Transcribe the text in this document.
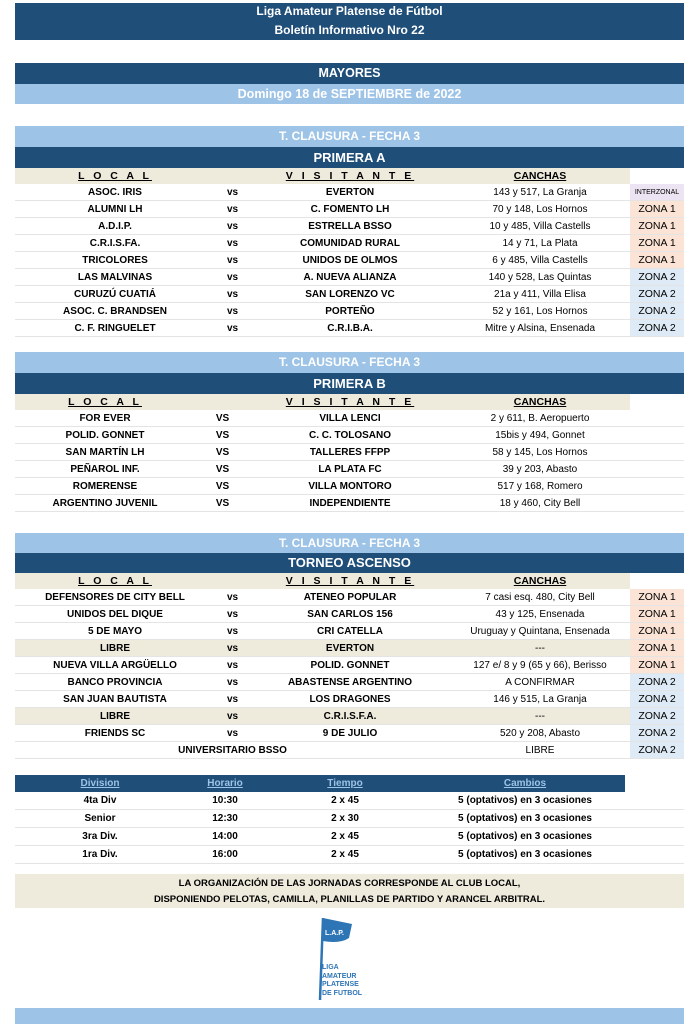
Liga Amateur Platense de Fútbol
Boletín Informativo Nro 22
MAYORES
Domingo 18 de SEPTIEMBRE de 2022
T. CLAUSURA - FECHA 3
PRIMERA A
L O C A L		V I S I T A N T E	CANCHAS	
ASOC. IRIS	vs	EVERTON	143 y 517, La Granja	INTERZONAL
ALUMNI LH	vs	C. FOMENTO LH	70 y 148, Los Hornos	ZONA 1
A.D.I.P.	vs	ESTRELLA BSSO	10 y 485, Villa Castells	ZONA 1
C.R.I.S.FA.	vs	COMUNIDAD RURAL	14 y 71, La Plata	ZONA 1
TRICOLORES	vs	UNIDOS DE OLMOS	6 y 485, Villa Castells	ZONA 1
LAS MALVINAS	vs	A. NUEVA ALIANZA	140 y 528, Las Quintas	ZONA 2
CURUZÚ CUATIÁ	vs	SAN LORENZO VC	21a y 411, Villa Elisa	ZONA 2
ASOC. C. BRANDSEN	vs	PORTEÑO	52 y 161, Los Hornos	ZONA 2
C. F. RINGUELET	vs	C.R.I.B.A.	Mitre y Alsina, Ensenada	ZONA 2
T. CLAUSURA - FECHA 3
PRIMERA B
L O C A L		V I S I T A N T E	CANCHAS	
FOR EVER	VS	VILLA LENCI	2 y 611, B. Aeropuerto	
POLID. GONNET	VS	C. C. TOLOSANO	15bis y 494, Gonnet	
SAN MARTÍN LH	VS	TALLERES FFPP	58 y 145, Los Hornos	
PEÑAROL INF.	VS	LA PLATA FC	39 y 203, Abasto	
ROMERENSE	VS	VILLA MONTORO	517 y 168, Romero	
ARGENTINO JUVENIL	VS	INDEPENDIENTE	18 y 460, City Bell	
T. CLAUSURA - FECHA 3
TORNEO ASCENSO
L O C A L		V I S I T A N T E	CANCHAS	
DEFENSORES DE CITY BELL	vs	ATENEO POPULAR	7 casi esq. 480, City Bell	ZONA 1
UNIDOS DEL DIQUE	vs	SAN CARLOS 156	43 y 125, Ensenada	ZONA 1
5 DE MAYO	vs	CRI CATELLA	Uruguay y Quintana, Ensenada	ZONA 1
LIBRE	vs	EVERTON	---	ZONA 1
NUEVA VILLA ARGÜELLO	vs	POLID. GONNET	127 e/ 8 y 9 (65 y 66), Berisso	ZONA 1
BANCO PROVINCIA	vs	ABASTENSE ARGENTINO	A CONFIRMAR	ZONA 2
SAN JUAN BAUTISTA	vs	LOS DRAGONES	146 y 515, La Granja	ZONA 2
LIBRE	vs	C.R.I.S.F.A.	---	ZONA 2
FRIENDS SC	vs	9 DE JULIO	520 y 208, Abasto	ZONA 2
UNIVERSITARIO BSSO			LIBRE	ZONA 2
Division	Horario	Tiempo	Cambios	
4ta Div	10:30	2 x 45	5 (optativos) en 3 ocasiones	
Senior	12:30	2 x 30	5 (optativos) en 3 ocasiones	
3ra Div.	14:00	2 x 45	5 (optativos) en 3 ocasiones	
1ra Div.	16:00	2 x 45	5 (optativos) en 3 ocasiones	
LA ORGANIZACIÓN DE LAS JORNADAS CORRESPONDE AL CLUB LOCAL,
DISPONIENDO PELOTAS, CAMILLA, PLANILLAS DE PARTIDO Y ARANCEL ARBITRAL.
L.A.P.
LIGA
AMATEUR
PLATENSE
DE FUTBOL
